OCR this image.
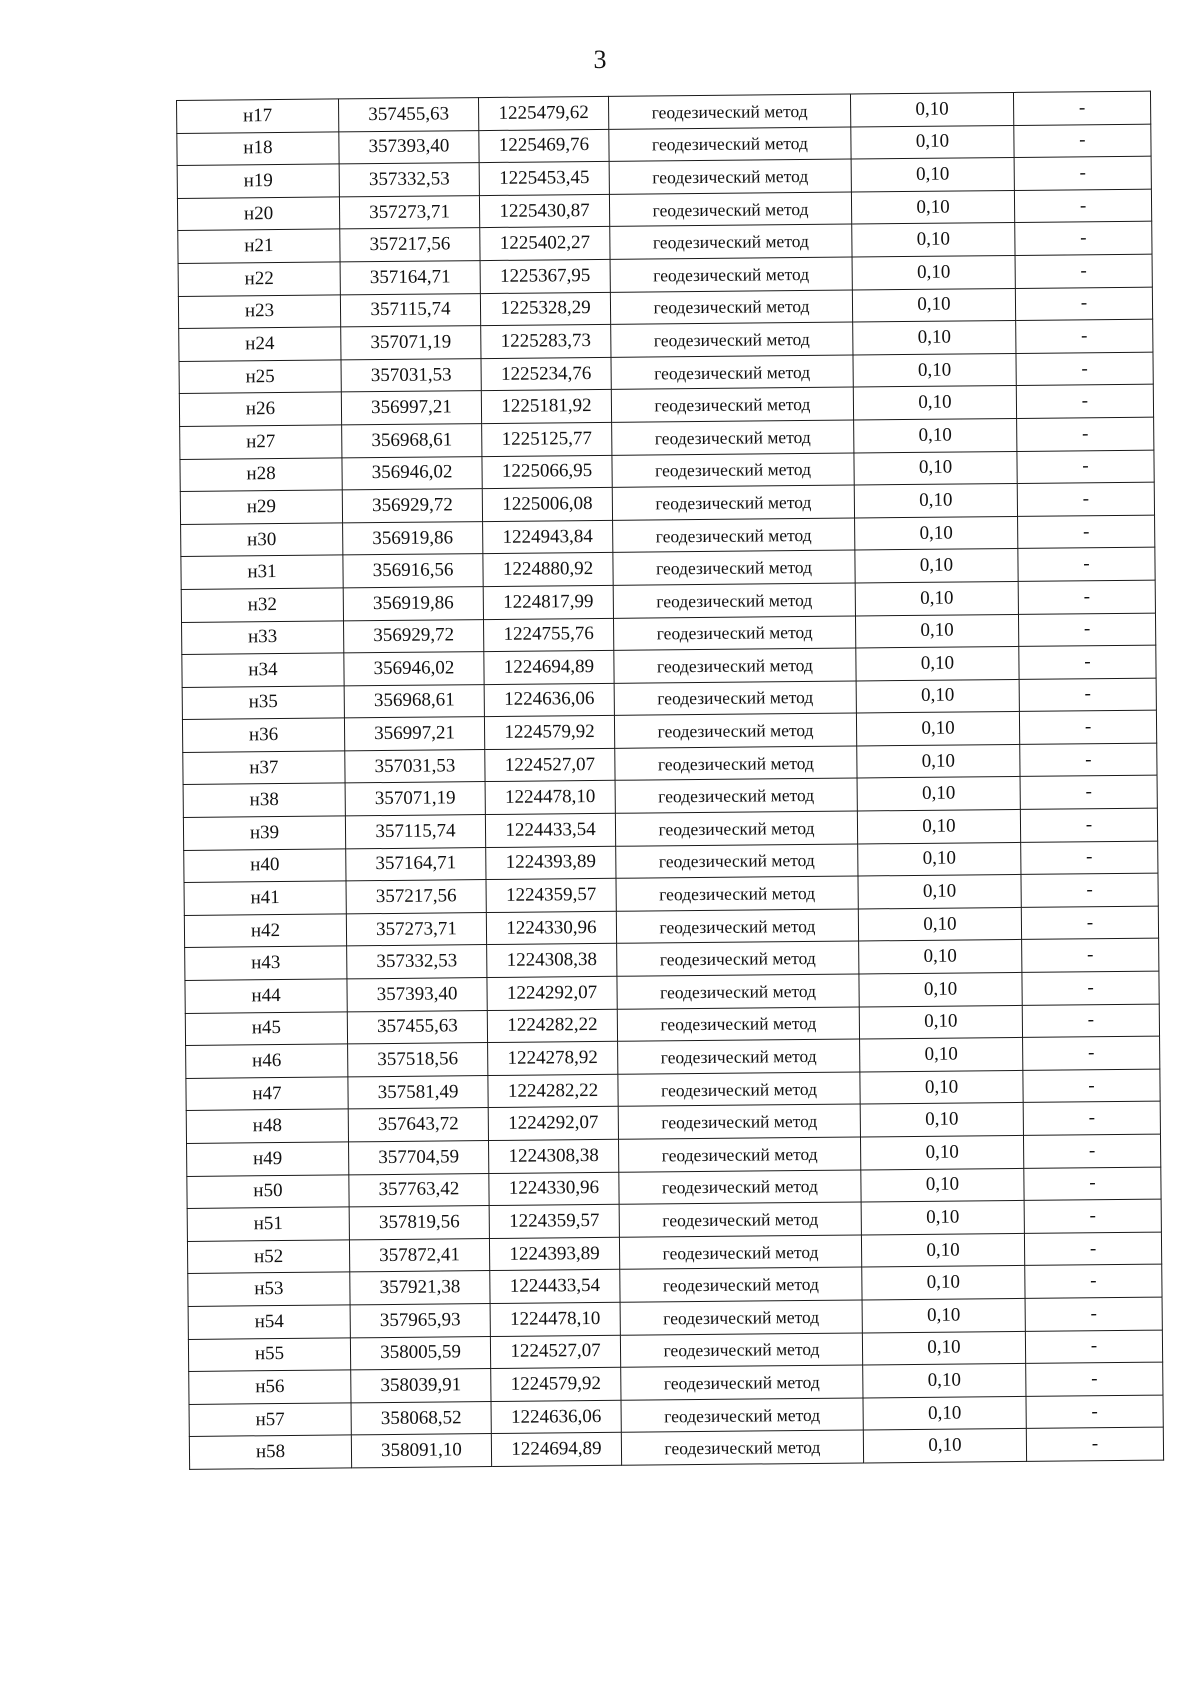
3
н17	357455,63	1225479,62	геодезический метод	0,10	-
н18	357393,40	1225469,76	геодезический метод	0,10	-
н19	357332,53	1225453,45	геодезический метод	0,10	-
н20	357273,71	1225430,87	геодезический метод	0,10	-
н21	357217,56	1225402,27	геодезический метод	0,10	-
н22	357164,71	1225367,95	геодезический метод	0,10	-
н23	357115,74	1225328,29	геодезический метод	0,10	-
н24	357071,19	1225283,73	геодезический метод	0,10	-
н25	357031,53	1225234,76	геодезический метод	0,10	-
н26	356997,21	1225181,92	геодезический метод	0,10	-
н27	356968,61	1225125,77	геодезический метод	0,10	-
н28	356946,02	1225066,95	геодезический метод	0,10	-
н29	356929,72	1225006,08	геодезический метод	0,10	-
н30	356919,86	1224943,84	геодезический метод	0,10	-
н31	356916,56	1224880,92	геодезический метод	0,10	-
н32	356919,86	1224817,99	геодезический метод	0,10	-
н33	356929,72	1224755,76	геодезический метод	0,10	-
н34	356946,02	1224694,89	геодезический метод	0,10	-
н35	356968,61	1224636,06	геодезический метод	0,10	-
н36	356997,21	1224579,92	геодезический метод	0,10	-
н37	357031,53	1224527,07	геодезический метод	0,10	-
н38	357071,19	1224478,10	геодезический метод	0,10	-
н39	357115,74	1224433,54	геодезический метод	0,10	-
н40	357164,71	1224393,89	геодезический метод	0,10	-
н41	357217,56	1224359,57	геодезический метод	0,10	-
н42	357273,71	1224330,96	геодезический метод	0,10	-
н43	357332,53	1224308,38	геодезический метод	0,10	-
н44	357393,40	1224292,07	геодезический метод	0,10	-
н45	357455,63	1224282,22	геодезический метод	0,10	-
н46	357518,56	1224278,92	геодезический метод	0,10	-
н47	357581,49	1224282,22	геодезический метод	0,10	-
н48	357643,72	1224292,07	геодезический метод	0,10	-
н49	357704,59	1224308,38	геодезический метод	0,10	-
н50	357763,42	1224330,96	геодезический метод	0,10	-
н51	357819,56	1224359,57	геодезический метод	0,10	-
н52	357872,41	1224393,89	геодезический метод	0,10	-
н53	357921,38	1224433,54	геодезический метод	0,10	-
н54	357965,93	1224478,10	геодезический метод	0,10	-
н55	358005,59	1224527,07	геодезический метод	0,10	-
н56	358039,91	1224579,92	геодезический метод	0,10	-
н57	358068,52	1224636,06	геодезический метод	0,10	-
н58	358091,10	1224694,89	геодезический метод	0,10	-
